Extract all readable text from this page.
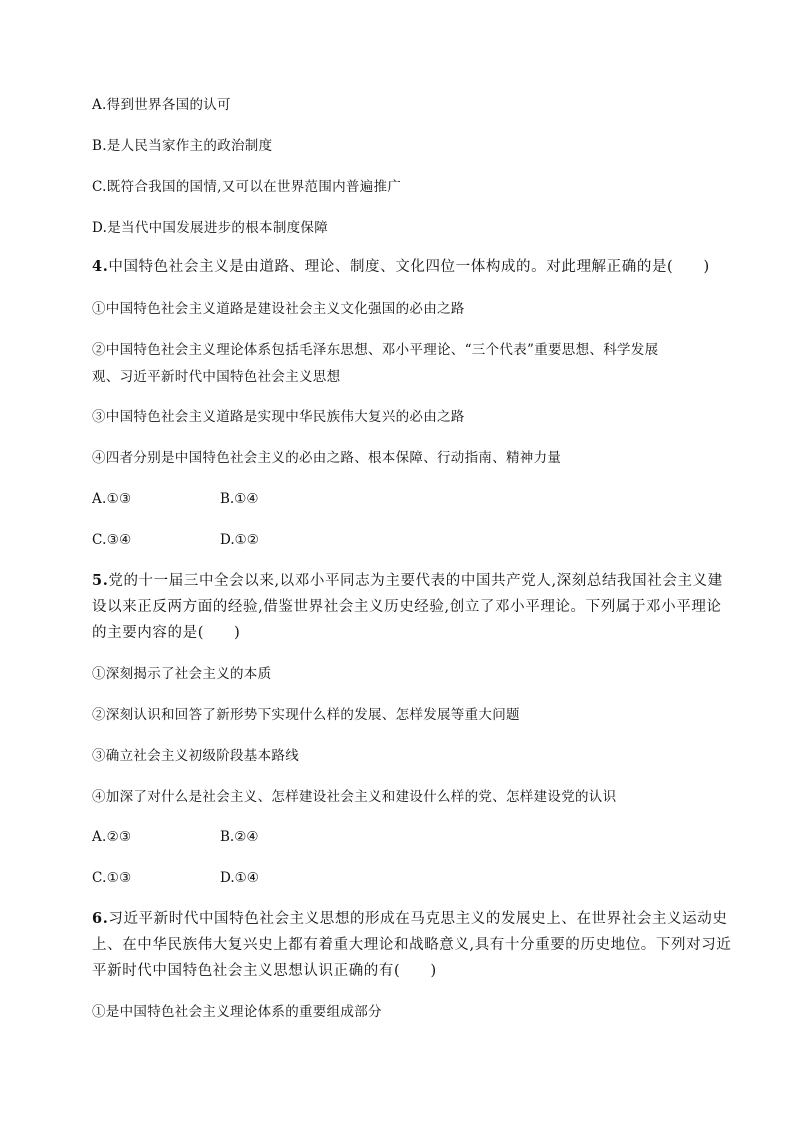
A.得到世界各国的认可
B.是人民当家作主的政治制度
C.既符合我国的国情,又可以在世界范围内普遍推广
D.是当代中国发展进步的根本制度保障
4.中国特色社会主义是由道路、理论、制度、文化四位一体构成的。对此理解正确的是(　　)
①中国特色社会主义道路是建设社会主义文化强国的必由之路
②中国特色社会主义理论体系包括毛泽东思想、邓小平理论、“三个代表”重要思想、科学发展
观、习近平新时代中国特色社会主义思想
③中国特色社会主义道路是实现中华民族伟大复兴的必由之路
④四者分别是中国特色社会主义的必由之路、根本保障、行动指南、精神力量
A.①③	B.①④
C.③④	D.①②
5.党的十一届三中全会以来,以邓小平同志为主要代表的中国共产党人,深刻总结我国社会主义建
设以来正反两方面的经验,借鉴世界社会主义历史经验,创立了邓小平理论。下列属于邓小平理论
的主要内容的是(　　)
①深刻揭示了社会主义的本质
②深刻认识和回答了新形势下实现什么样的发展、怎样发展等重大问题
③确立社会主义初级阶段基本路线
④加深了对什么是社会主义、怎样建设社会主义和建设什么样的党、怎样建设党的认识
A.②③	B.②④
C.①③	D.①④
6.习近平新时代中国特色社会主义思想的形成在马克思主义的发展史上、在世界社会主义运动史
上、在中华民族伟大复兴史上都有着重大理论和战略意义,具有十分重要的历史地位。下列对习近
平新时代中国特色社会主义思想认识正确的有(　　)
①是中国特色社会主义理论体系的重要组成部分
